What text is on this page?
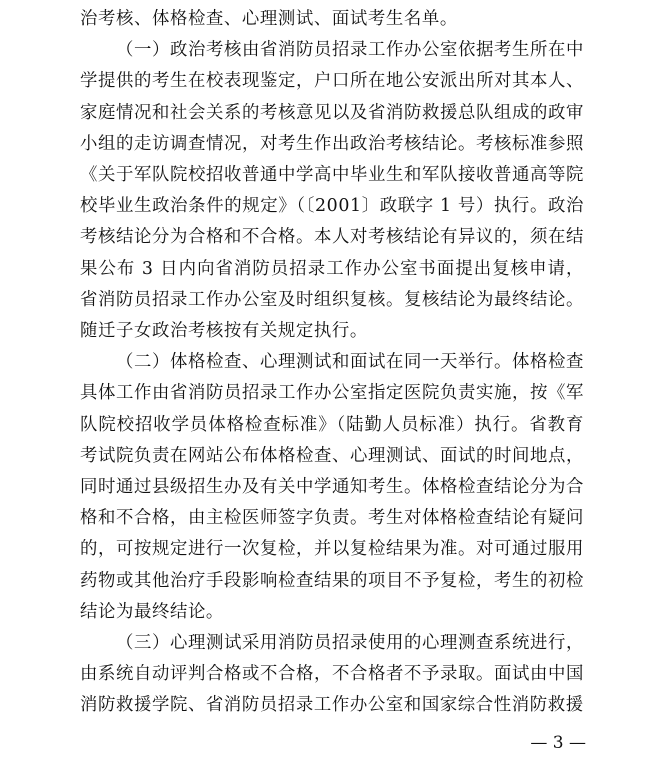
治考核、体格检查、心理测试、面试考生名单。

（一）政治考核由省消防员招录工作办公室依据考生所在中学提供的考生在校表现鉴定，户口所在地公安派出所对其本人、家庭情况和社会关系的考核意见以及省消防救援总队组成的政审小组的走访调查情况，对考生作出政治考核结论。考核标准参照《关于军队院校招收普通中学高中毕业生和军队接收普通高等院校毕业生政治条件的规定》（〔2001〕政联字 1 号）执行。政治考核结论分为合格和不合格。本人对考核结论有异议的，须在结果公布 3 日内向省消防员招录工作办公室书面提出复核申请，省消防员招录工作办公室及时组织复核。复核结论为最终结论。随迁子女政治考核按有关规定执行。

（二）体格检查、心理测试和面试在同一天举行。体格检查具体工作由省消防员招录工作办公室指定医院负责实施，按《军队院校招收学员体格检查标准》（陆勤人员标准）执行。省教育考试院负责在网站公布体格检查、心理测试、面试的时间地点，同时通过县级招生办及有关中学通知考生。体格检查结论分为合格和不合格，由主检医师签字负责。考生对体格检查结论有疑问的，可按规定进行一次复检，并以复检结果为准。对可通过服用药物或其他治疗手段影响检查结果的项目不予复检，考生的初检结论为最终结论。

（三）心理测试采用消防员招录使用的心理测查系统进行，由系统自动评判合格或不合格，不合格者不予录取。面试由中国消防救援学院、省消防员招录工作办公室和国家综合性消防救援

— 3 —
